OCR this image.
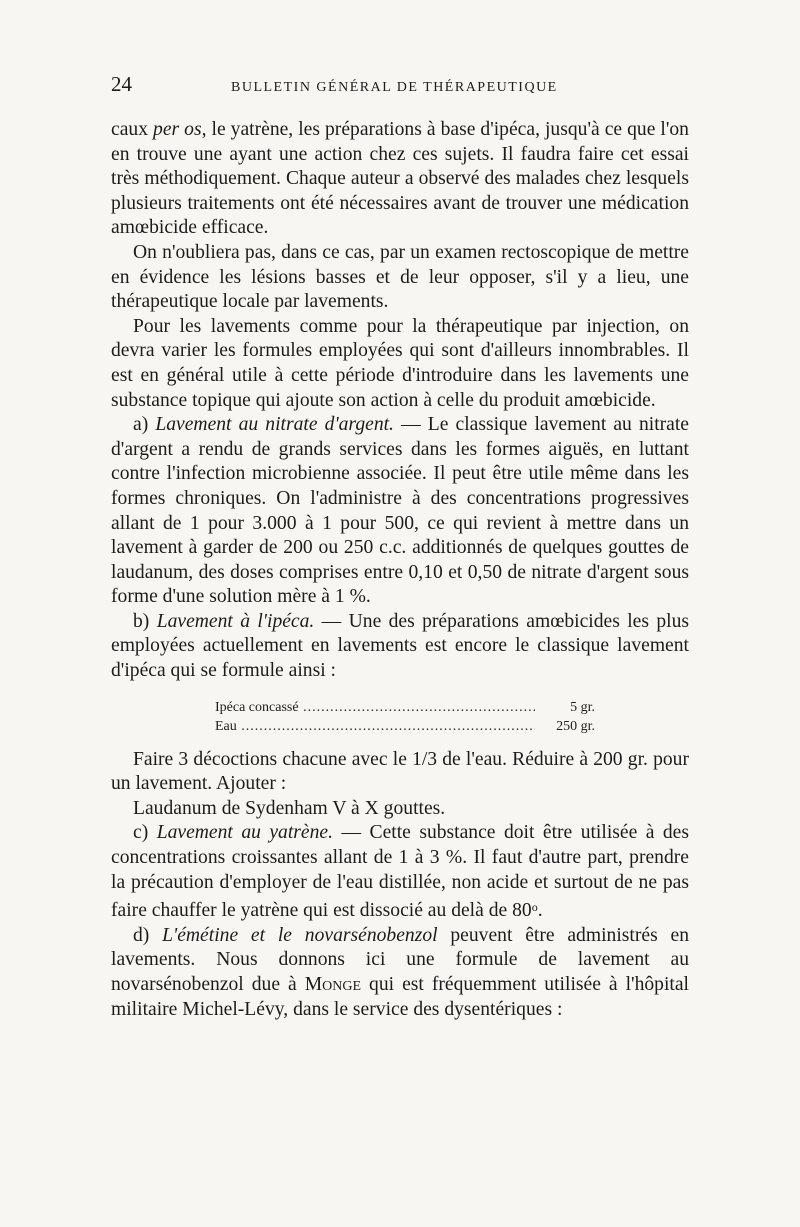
24	BULLETIN GÉNÉRAL DE THÉRAPEUTIQUE

caux per os, le yatrène, les préparations à base d'ipéca, jusqu'à ce que l'on en trouve une ayant une action chez ces sujets. Il faudra faire cet essai très méthodiquement. Chaque auteur a observé des malades chez lesquels plusieurs traitements ont été nécessaires avant de trouver une médication amœbicide efficace.

On n'oubliera pas, dans ce cas, par un examen rectoscopique de mettre en évidence les lésions basses et de leur opposer, s'il y a lieu, une thérapeutique locale par lavements.

Pour les lavements comme pour la thérapeutique par injection, on devra varier les formules employées qui sont d'ailleurs innombrables. Il est en général utile à cette période d'introduire dans les lavements une substance topique qui ajoute son action à celle du produit amœbicide.

a) Lavement au nitrate d'argent. — Le classique lavement au nitrate d'argent a rendu de grands services dans les formes aiguës, en luttant contre l'infection microbienne associée. Il peut être utile même dans les formes chroniques. On l'administre à des concentrations progressives allant de 1 pour 3.000 à 1 pour 500, ce qui revient à mettre dans un lavement à garder de 200 ou 250 c.c. additionnés de quelques gouttes de laudanum, des doses comprises entre 0,10 et 0,50 de nitrate d'argent sous forme d'une solution mère à 1 %.

b) Lavement à l'ipéca. — Une des préparations amœbicides les plus employées actuellement en lavements est encore le classique lavement d'ipéca qui se formule ainsi :

Ipéca concassé .....	5 gr.
Eau .....	250 gr.

Faire 3 décoctions chacune avec le 1/3 de l'eau. Réduire à 200 gr. pour un lavement. Ajouter :

Laudanum de Sydenham V à X gouttes.

c) Lavement au yatrène. — Cette substance doit être utilisée à des concentrations croissantes allant de 1 à 3 %. Il faut d'autre part, prendre la précaution d'employer de l'eau distillée, non acide et surtout de ne pas faire chauffer le yatrène qui est dissocié au delà de 80$^o$.

d) L'émétine et le novarsénobenzol peuvent être administrés en lavements. Nous donnons ici une formule de lavement au novarsénobenzol due à Monge qui est fréquemment utilisée à l'hôpital militaire Michel-Lévy, dans le service des dysentériques :
